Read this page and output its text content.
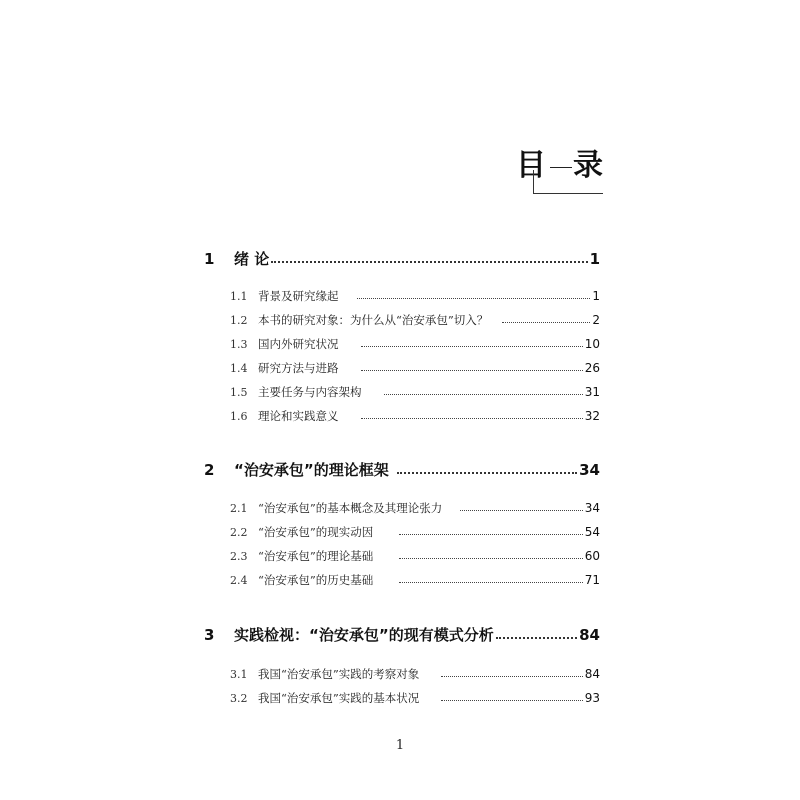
目 录
1	绪 论	1
1.1 背景及研究缘起	1
1.2 本书的研究对象：为什么从“治安承包”切入？	2
1.3 国内外研究状况	10
1.4 研究方法与进路	26
1.5 主要任务与内容架构	31
1.6 理论和实践意义	32
2	“治安承包”的理论框架	34
2.1 “治安承包”的基本概念及其理论张力	34
2.2 “治安承包”的现实动因	54
2.3 “治安承包”的理论基础	60
2.4 “治安承包”的历史基础	71
3	实践检视：“治安承包”的现有模式分析	84
3.1 我国“治安承包”实践的考察对象	84
3.2 我国“治安承包”实践的基本状况	93
1
